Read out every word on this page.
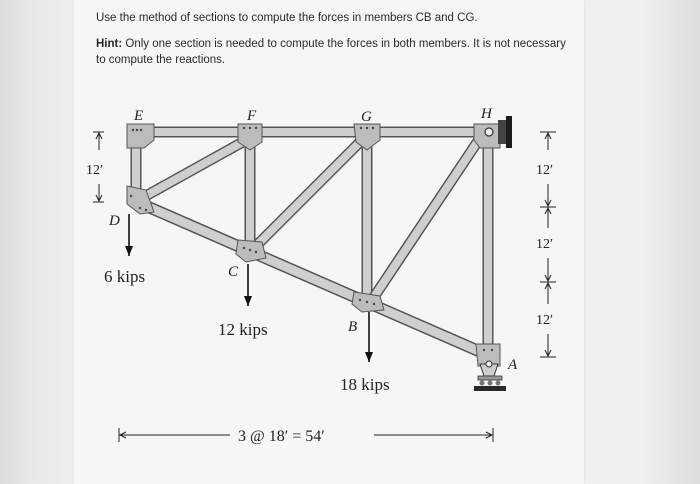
Use the method of sections to compute the forces in members CB and CG.

Hint: Only one section is needed to compute the forces in both members. It is not necessary to compute the reactions.

E	F	G	H
D
C
B
A
6 kips
12 kips
18 kips
12′	12′
12′
12′
3 @ 18′ = 54′
